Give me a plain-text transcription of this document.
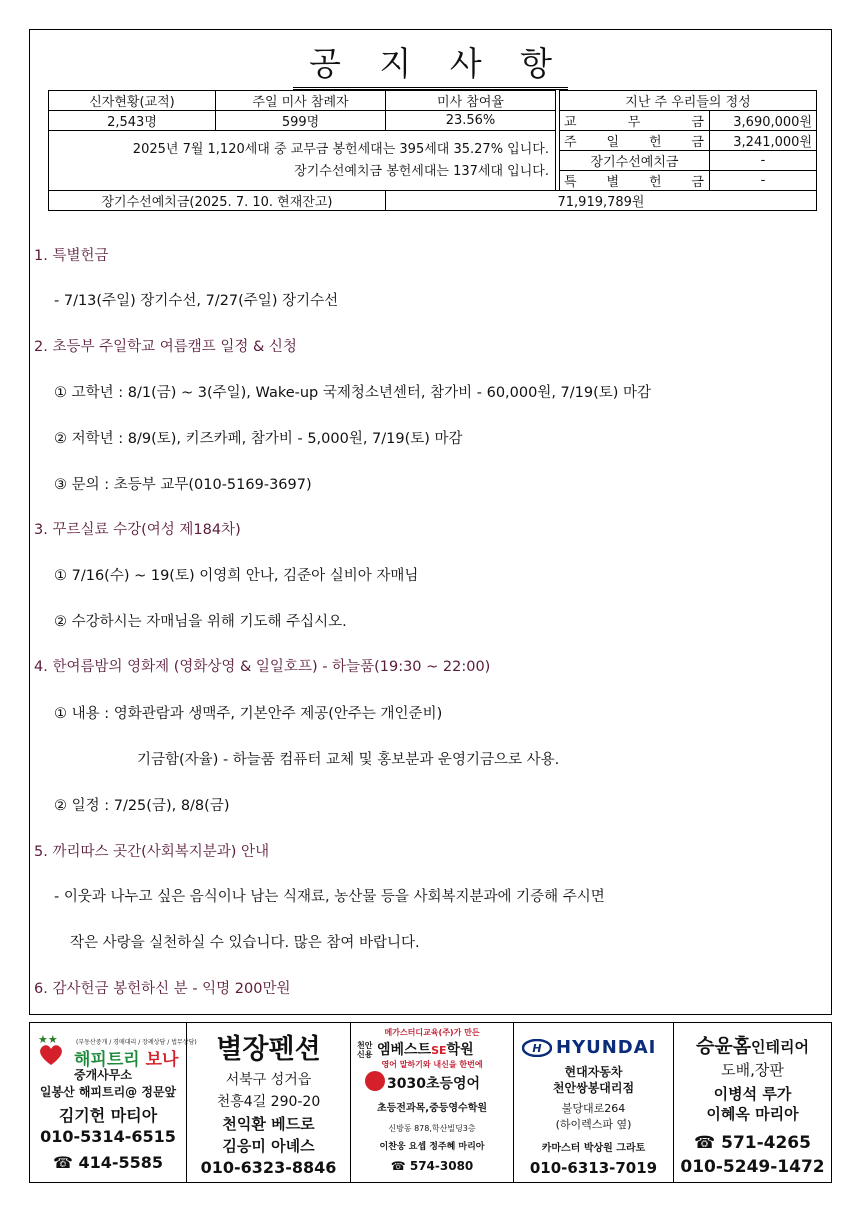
공 지 사 항
신자현황(교적)	주일 미사 참례자	미사 참여율		지난 주 우리들의 정성	
2,543명	599명	23.56%		교 무 금	3,690,000원

2025년 7월 1,120세대 중 교무금 봉헌세대는 395세대 35.27% 입니다.
장기수선예치금 봉헌세대는 137세대 입니다.				주 일 헌 금	3,241,000원
				장기수선예치금	-
				특 별 헌 금	-
장기수선예치금(2025. 7. 10. 현재잔고)		71,919,789원			
1. 특별헌금
- 7/13(주일) 장기수선, 7/27(주일) 장기수선
2. 초등부 주일학교 여름캠프 일정 & 신청
① 고학년 : 8/1(금) ~ 3(주일), Wake-up 국제청소년센터, 참가비 - 60,000원, 7/19(토) 마감
② 저학년 : 8/9(토), 키즈카페, 참가비 - 5,000원, 7/19(토) 마감
③ 문의 : 초등부 교무(010-5169-3697)
3. 꾸르실료 수강(여성 제184차)
① 7/16(수) ~ 19(토) 이영희 안나, 김준아 실비아 자매님
② 수강하시는 자매님을 위해 기도해 주십시오.
4. 한여름밤의 영화제 (영화상영 & 일일호프) - 하늘품(19:30 ~ 22:00)
① 내용 : 영화관람과 생맥주, 기본안주 제공(안주는 개인준비)
기금함(자율) - 하늘품 컴퓨터 교체 및 홍보분과 운영기금으로 사용.
② 일정 : 7/25(금), 8/8(금)
5. 까리따스 곳간(사회복지분과) 안내
- 이웃과 나누고 싶은 음식이나 남는 식재료, 농산물 등을 사회복지분과에 기증해 주시면
작은 사랑을 실천하실 수 있습니다. 많은 참여 바랍니다.
6. 감사헌금 봉헌하신 분 - 익명 200만원
★★	(부동산중개 / 경매대리 / 장례상담 / 법무상담)
해피트리 보나
중개사무소
일봉산 해피트리@ 정문앞
김기헌 마티아
010-5314-6515
☎ 414-5585
별장펜션
서북구 성거읍
천흥4길 290-20
천익환 베드로
김응미 아녜스
010-6323-8846
메가스터디교육(주)가 만든
천안
신용 엠베스트SE학원
영어 말하기와 내신을 한번에
3030초등영어
초등전과목,중등영수학원
신방동 878,학산빌딩3층
이찬웅 요셉 정주혜 마리아
☎ 574-3080
H HYUNDAI
현대자동차
천안쌍봉대리점
불당대로264
(하이렉스파 옆)
카마스터 박상원 그라토
010-6313-7019
승윤홈인테리어
도배,장판
이병석 루가
이혜옥 마리아
☎ 571-4265
010-5249-1472
